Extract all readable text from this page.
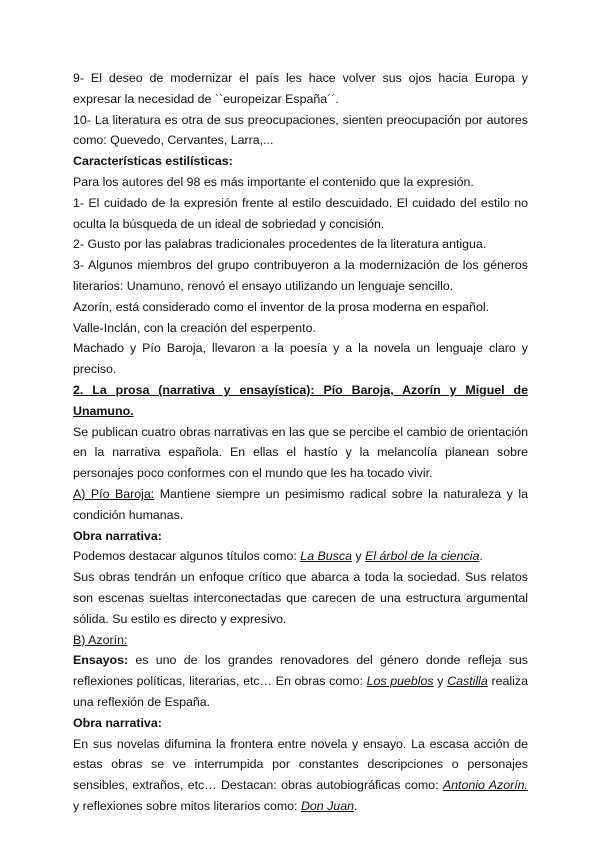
9- El deseo de modernizar el país les hace volver sus ojos hacia Europa y expresar la necesidad de ``europeizar España´´.

10- La literatura es otra de sus preocupaciones, sienten preocupación por autores como: Quevedo, Cervantes, Larra,...

Características estilísticas:

Para los autores del 98 es más importante el contenido que la expresión.

1- El cuidado de la expresión frente al estilo descuidado. El cuidado del estilo no oculta la búsqueda de un ideal de sobriedad y concisión.

2- Gusto por las palabras tradicionales procedentes de la literatura antigua.

3- Algunos miembros del grupo contribuyeron a la modernización de los géneros literarios: Unamuno, renovó el ensayo utilizando un lenguaje sencillo.

Azorín, está considerado como el inventor de la prosa moderna en español.

Valle-Inclán, con la creación del esperpento.

Machado y Pío Baroja, llevaron a la poesía y a la novela un lenguaje claro y preciso.

2. La prosa (narrativa y ensayística): Pío Baroja, Azorín y Miguel de Unamuno.

Se publican cuatro obras narrativas en las que se percibe el cambio de orientación en la narrativa española. En ellas el hastío y la melancolía planean sobre personajes poco conformes con el mundo que les ha tocado vivir.

A) Pío Baroja: Mantiene siempre un pesimismo radical sobre la naturaleza y la condición humanas.

Obra narrativa:

Podemos destacar algunos títulos como: La Busca y El árbol de la ciencia.

Sus obras tendrán un enfoque crítico que abarca a toda la sociedad. Sus relatos son escenas sueltas interconectadas que carecen de una estructura argumental sólida. Su estilo es directo y expresivo.

B) Azorín:

Ensayos: es uno de los grandes renovadores del género donde refleja sus reflexiones políticas, literarias, etc… En obras como: Los pueblos y Castilla realiza una reflexión de España.

Obra narrativa:

En sus novelas difumina la frontera entre novela y ensayo. La escasa acción de estas obras se ve interrumpida por constantes descripciones o personajes sensibles, extraños, etc… Destacan: obras autobiográficas como: Antonio Azorín. y reflexiones sobre mitos literarios como: Don Juan.
